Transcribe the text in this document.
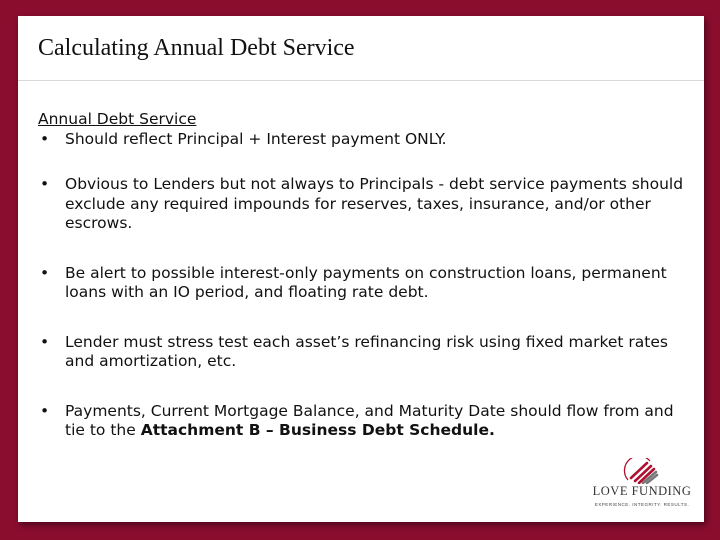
Calculating Annual Debt Service

Annual Debt Service

• Should reflect Principal + Interest payment ONLY.

• Obvious to Lenders but not always to Principals - debt service payments should exclude any required impounds for reserves, taxes, insurance, and/or other escrows.

• Be alert to possible interest-only payments on construction loans, permanent loans with an IO period, and floating rate debt.

• Lender must stress test each asset’s refinancing risk using fixed market rates and amortization, etc.

• Payments, Current Mortgage Balance, and Maturity Date should flow from and tie to the Attachment B – Business Debt Schedule.

LOVE FUNDING
EXPERIENCE. INTEGRITY. RESULTS.
